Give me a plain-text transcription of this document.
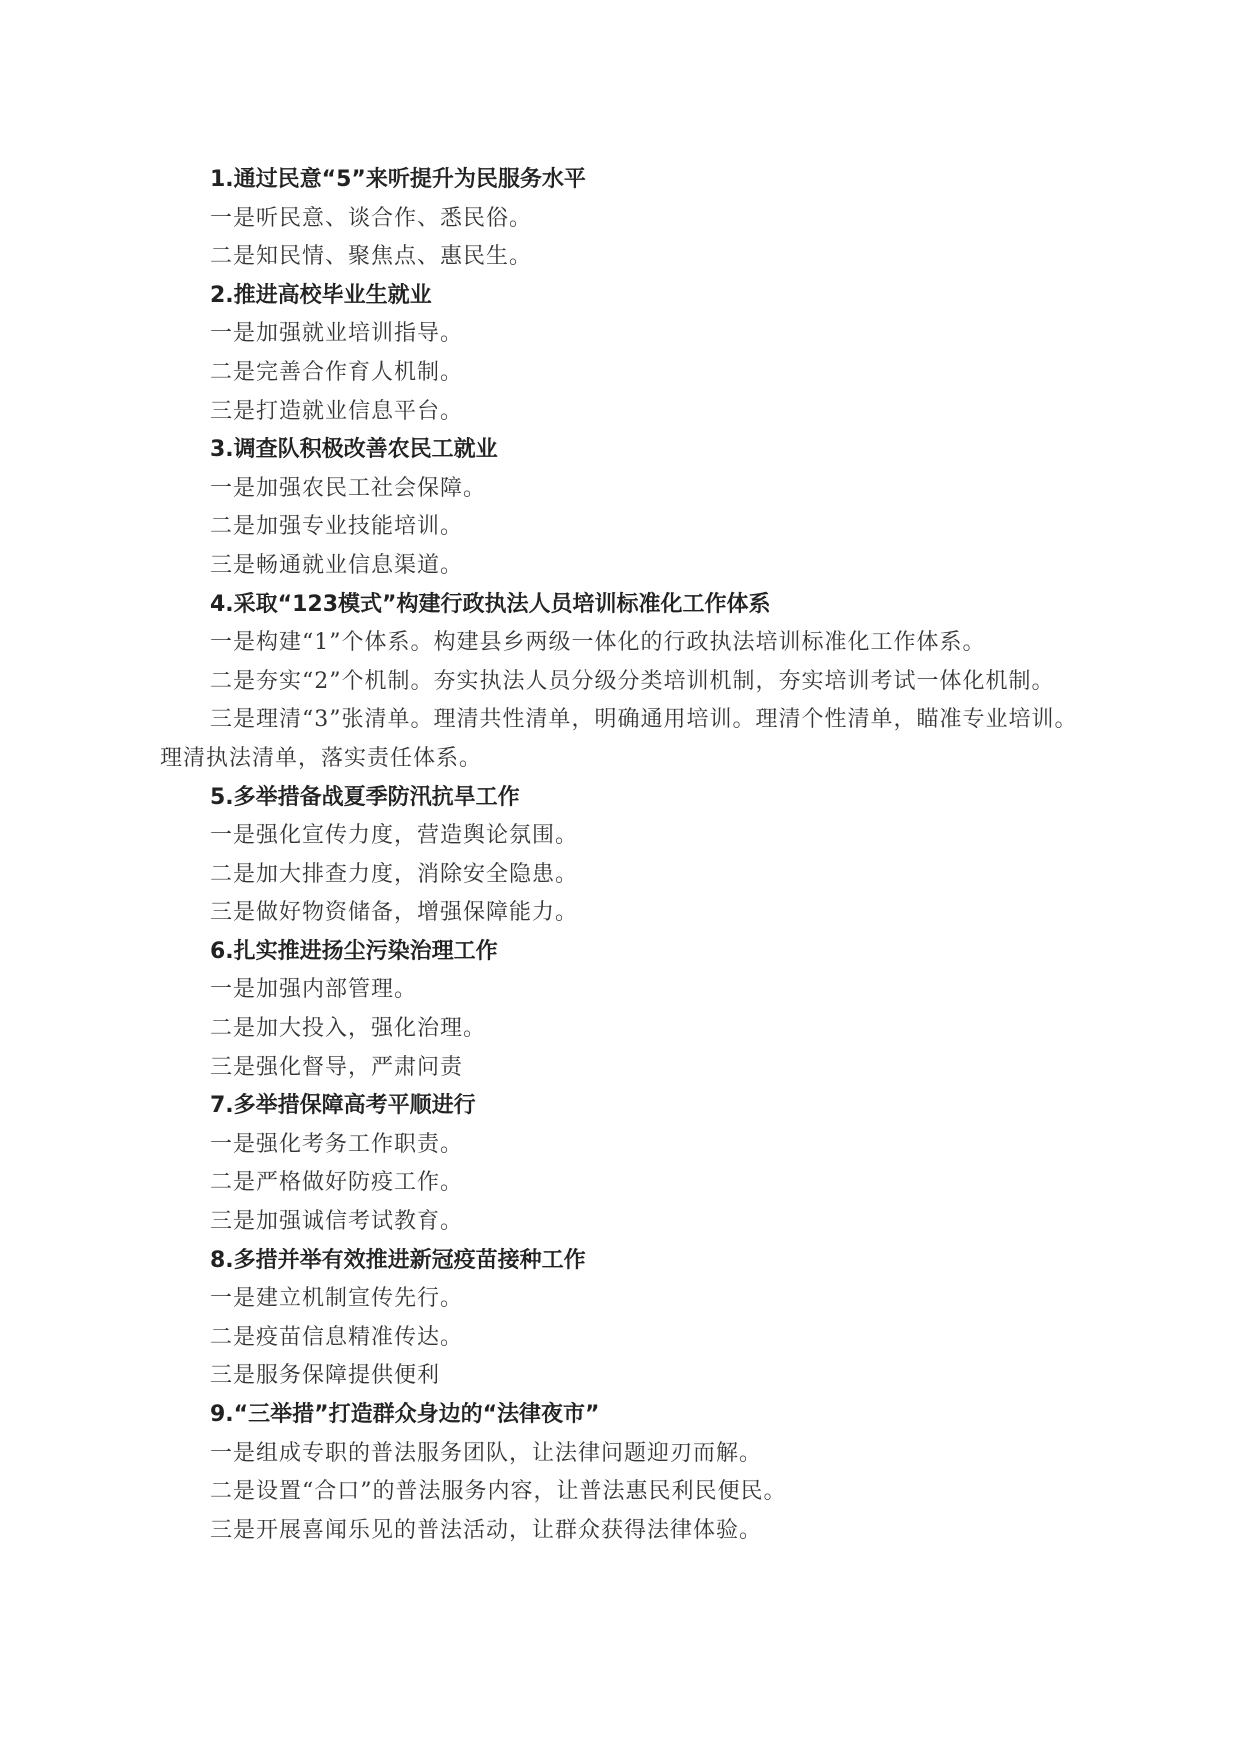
1.通过民意“5”来听提升为民服务水平

一是听民意、谈合作、悉民俗。

二是知民情、聚焦点、惠民生。

2.推进高校毕业生就业

一是加强就业培训指导。

二是完善合作育人机制。

三是打造就业信息平台。

3.调查队积极改善农民工就业

一是加强农民工社会保障。

二是加强专业技能培训。

三是畅通就业信息渠道。

4.采取“123模式”构建行政执法人员培训标准化工作体系

一是构建“1”个体系。构建县乡两级一体化的行政执法培训标准化工作体系。

二是夯实“2”个机制。夯实执法人员分级分类培训机制，夯实培训考试一体化机制。

三是理清“3”张清单。理清共性清单，明确通用培训。理清个性清单，瞄准专业培训。理清执法清单，落实责任体系。

5.多举措备战夏季防汛抗旱工作

一是强化宣传力度，营造舆论氛围。

二是加大排查力度，消除安全隐患。

三是做好物资储备，增强保障能力。

6.扎实推进扬尘污染治理工作

一是加强内部管理。

二是加大投入，强化治理。

三是强化督导，严肃问责

7.多举措保障高考平顺进行

一是强化考务工作职责。

二是严格做好防疫工作。

三是加强诚信考试教育。

8.多措并举有效推进新冠疫苗接种工作

一是建立机制宣传先行。

二是疫苗信息精准传达。

三是服务保障提供便利

9.“三举措”打造群众身边的“法律夜市”

一是组成专职的普法服务团队，让法律问题迎刃而解。

二是设置“合口”的普法服务内容，让普法惠民利民便民。

三是开展喜闻乐见的普法活动，让群众获得法律体验。
